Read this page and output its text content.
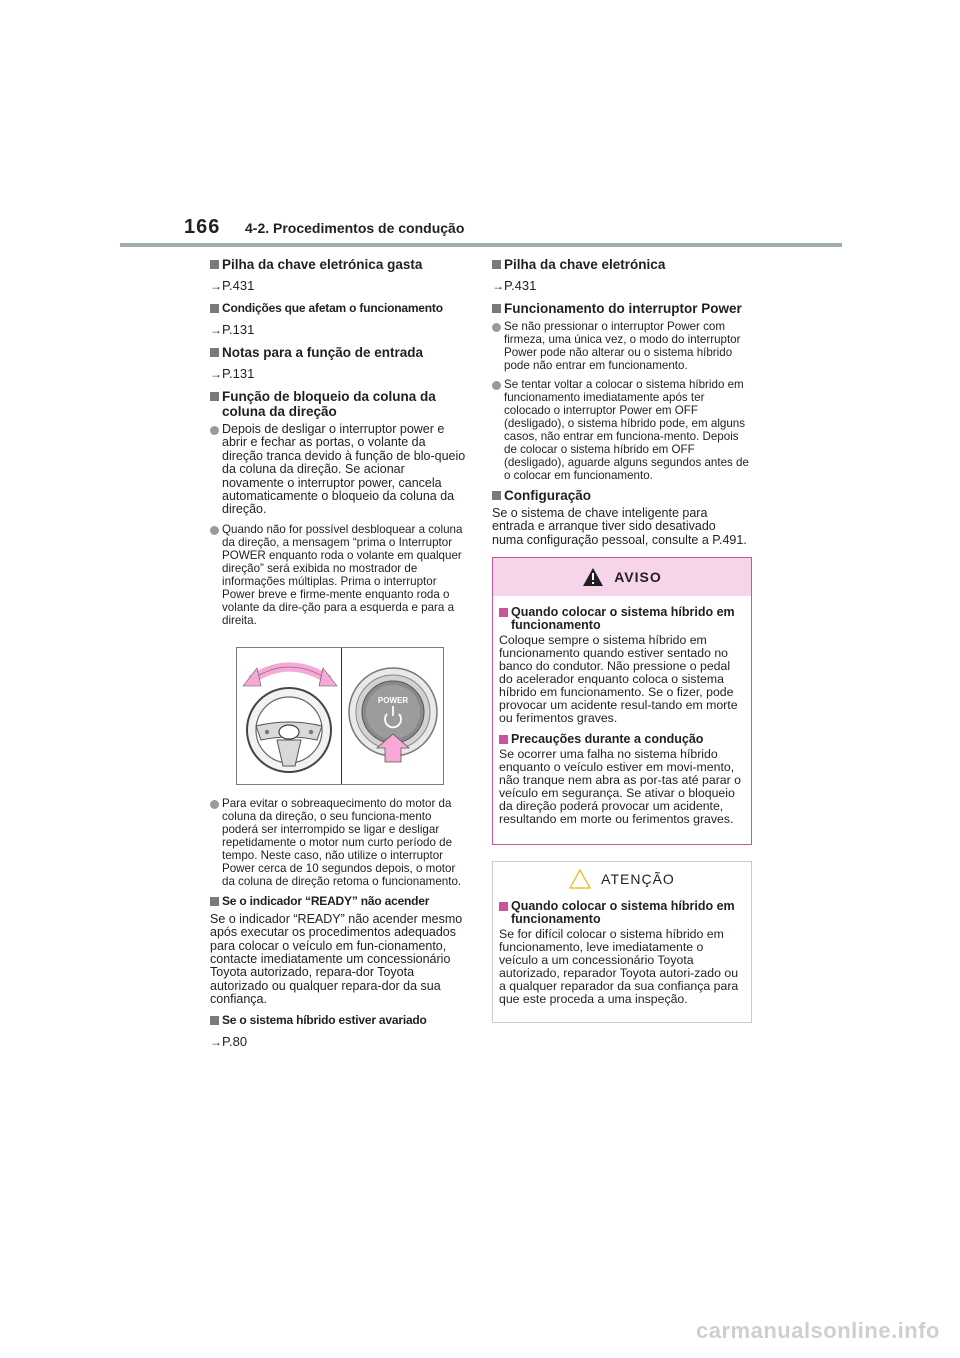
166 4-2. Procedimentos de condução
Pilha da chave eletrónica gasta
→P.431
Condições que afetam o funcionamento
→P.131
Notas para a função de entrada
→P.131
Função de bloqueio da coluna da coluna da direção
Depois de desligar o interruptor power e abrir e fechar as portas, o volante da direção tranca devido à função de blo-queio da coluna da direção. Se acionar novamente o interruptor power, cancela automaticamente o bloqueio da coluna da direção.
Quando não for possível desbloquear a coluna da direção, a mensagem “prima o Interruptor POWER enquanto roda o volante em qualquer direção” será exibida no mostrador de informações múltiplas. Prima o interruptor Power breve e firme-mente enquanto roda o volante da dire-ção para a esquerda e para a direita.
Para evitar o sobreaquecimento do motor da coluna da direção, o seu funciona-mento poderá ser interrompido se ligar e desligar repetidamente o motor num curto período de tempo. Neste caso, não utilize o interruptor Power cerca de 10 segundos depois, o motor da coluna de direção retoma o funcionamento.
Se o indicador “READY” não acender
Se o indicador “READY” não acender mesmo após executar os procedimentos adequados para colocar o veículo em fun-cionamento, contacte imediatamente um concessionário Toyota autorizado, repara-dor Toyota autorizado ou qualquer repara-dor da sua confiança.
Se o sistema híbrido estiver avariado
→P.80
Pilha da chave eletrónica
→P.431
Funcionamento do interruptor Power
Se não pressionar o interruptor Power com firmeza, uma única vez, o modo do interruptor Power pode não alterar ou o sistema híbrido pode não entrar em funcionamento.
Se tentar voltar a colocar o sistema híbrido em funcionamento imediatamente após ter colocado o interruptor Power em OFF (desligado), o sistema híbrido pode, em alguns casos, não entrar em funciona-mento. Depois de colocar o sistema híbrido em OFF (desligado), aguarde alguns segundos antes de o colocar em funcionamento.
Configuração
Se o sistema de chave inteligente para entrada e arranque tiver sido desativado numa configuração pessoal, consulte a P.491.
AVISO
Quando colocar o sistema híbrido em funcionamento
Coloque sempre o sistema híbrido em funcionamento quando estiver sentado no banco do condutor. Não pressione o pedal do acelerador enquanto coloca o sistema híbrido em funcionamento. Se o fizer, pode provocar um acidente resul-tando em morte ou ferimentos graves.
Precauções durante a condução
Se ocorrer uma falha no sistema híbrido enquanto o veículo estiver em movi-mento, não tranque nem abra as por-tas até parar o veículo em segurança. Se ativar o bloqueio da direção poderá provocar um acidente, resultando em morte ou ferimentos graves.
ATENÇÃO
Quando colocar o sistema híbrido em funcionamento
Se for difícil colocar o sistema híbrido em funcionamento, leve imediatamente o veículo a um concessionário Toyota autorizado, reparador Toyota autori-zado ou a qualquer reparador da sua confiança para que este proceda a uma inspeção.
carmanualsonline.info
